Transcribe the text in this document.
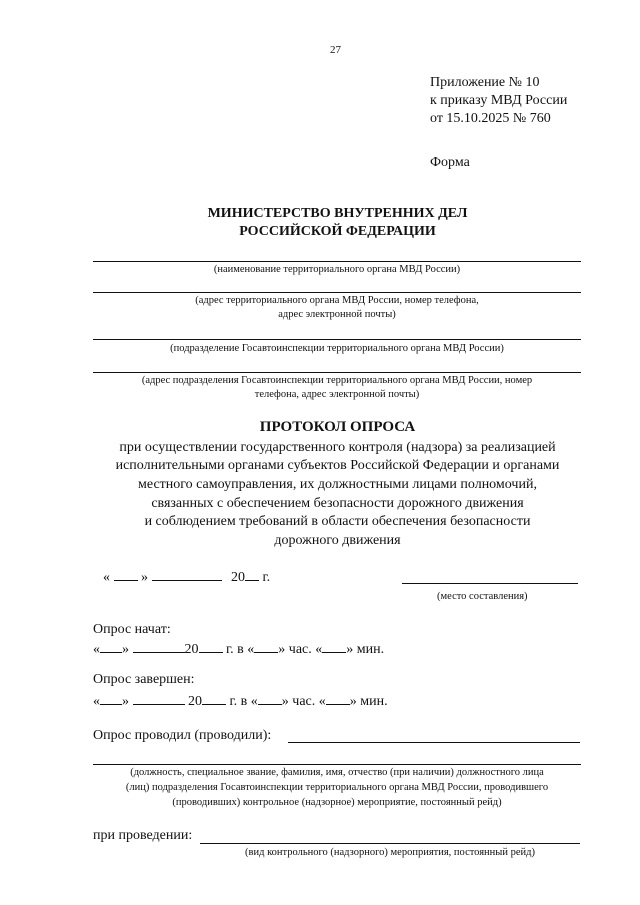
27
Приложение № 10
к приказу МВД России
от 15.10.2025 № 760
Форма
МИНИСТЕРСТВО ВНУТРЕННИХ ДЕЛ
РОССИЙСКОЙ ФЕДЕРАЦИИ
(наименование территориального органа МВД России)
(адрес территориального органа МВД России, номер телефона,
адрес электронной почты)
(подразделение Госавтоинспекции территориального органа МВД России)
(адрес подразделения Госавтоинспекции территориального органа МВД России, номер
телефона, адрес электронной почты)
ПРОТОКОЛ ОПРОСА
при осуществлении государственного контроля (надзора) за реализацией
исполнительными органами субъектов Российской Федерации и органами
местного самоуправления, их должностными лицами полномочий,
связанных с обеспечением безопасности дорожного движения
и соблюдением требований в области обеспечения безопасности
дорожного движения
« »	20 г.
(место составления)
Опрос начат:
« »	20 г. в « » час. « » мин.
Опрос завершен:
« »	20 г. в « » час. « » мин.
Опрос проводил (проводили):
(должность, специальное звание, фамилия, имя, отчество (при наличии) должностного лица
(лиц) подразделения Госавтоинспекции территориального органа МВД России, проводившего
(проводивших) контрольное (надзорное) мероприятие, постоянный рейд)
при проведении:
(вид контрольного (надзорного) мероприятия, постоянный рейд)
